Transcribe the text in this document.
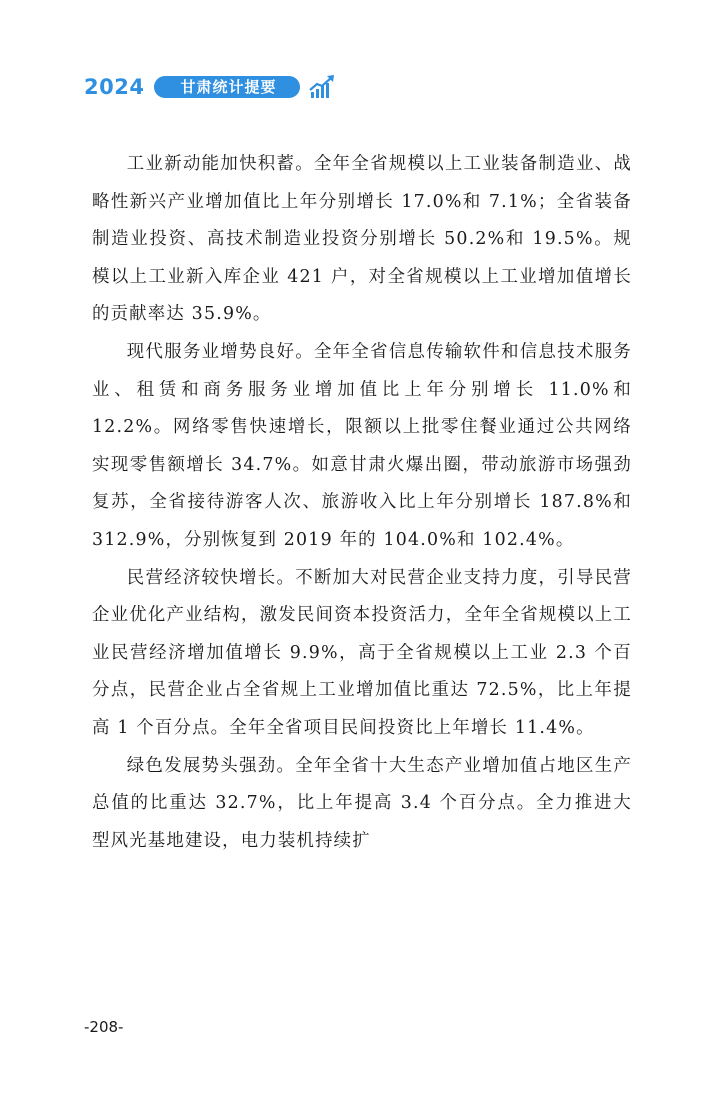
2024	甘肃统计提要

工业新动能加快积蓄。全年全省规模以上工业装备制造业、战略性新兴产业增加值比上年分别增长 17.0%和 7.1%；全省装备制造业投资、高技术制造业投资分别增长 50.2%和 19.5%。规模以上工业新入库企业 421 户，对全省规模以上工业增加值增长的贡献率达 35.9%。

现代服务业增势良好。全年全省信息传输软件和信息技术服务业、租赁和商务服务业增加值比上年分别增长 11.0%和 12.2%。网络零售快速增长，限额以上批零住餐业通过公共网络实现零售额增长 34.7%。如意甘肃火爆出圈，带动旅游市场强劲复苏，全省接待游客人次、旅游收入比上年分别增长 187.8%和 312.9%，分别恢复到 2019 年的 104.0%和 102.4%。

民营经济较快增长。不断加大对民营企业支持力度，引导民营企业优化产业结构，激发民间资本投资活力，全年全省规模以上工业民营经济增加值增长 9.9%，高于全省规模以上工业 2.3 个百分点，民营企业占全省规上工业增加值比重达 72.5%，比上年提高 1 个百分点。全年全省项目民间投资比上年增长 11.4%。

绿色发展势头强劲。全年全省十大生态产业增加值占地区生产总值的比重达 32.7%，比上年提高 3.4 个百分点。全力推进大型风光基地建设，电力装机持续扩

-208-
